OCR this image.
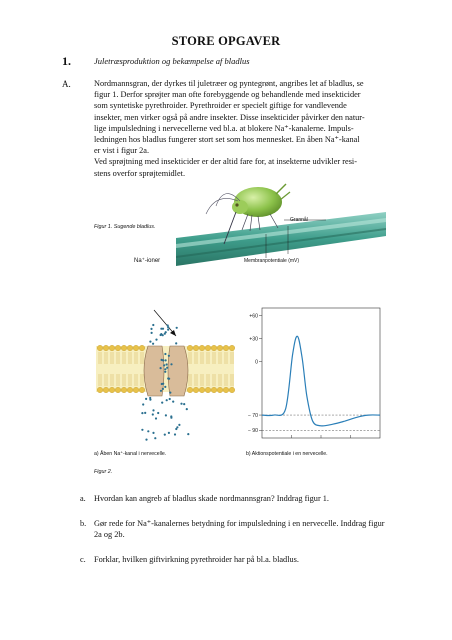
STORE OPGAVER
1.	Juletræsproduktion og bekæmpelse af bladlus
A.	Nordmannsgran, der dyrkes til juletræer og pyntegrønt, angribes let af bladlus, se

figur 1. Derfor sprøjter man ofte forebyggende og behandlende med insekticider

som syntetiske pyrethroider. Pyrethroider er specielt giftige for vandlevende

insekter, men virker også på andre insekter. Disse insekticider påvirker den natur-

lige impulsledning i nervecellerne ved bl.a. at blokere Na⁺-kanalerne. Impuls-

ledningen hos bladlus fungerer stort set som hos mennesket. En åben Na⁺-kanal

er vist i figur 2a.

Ved sprøjtning med insekticider er der altid fare for, at insekterne udvikler resi-

stens overfor sprøjtemidlet.

Figur 1. Sugende bladlus.
Grannål
Na⁺-ioner	Membranpotentiale (mV)
+60
+30
0
− 70
− 90
a) Åben Na⁺-kanal i nervecelle.	b) Aktionspotentiale i en nervecelle.
Figur 2.
a. Hvordan kan angreb af bladlus skade nordmannsgran? Inddrag figur 1.
b. Gør rede for Na⁺-kanalernes betydning for impulsledning i en nervecelle. Inddrag figur 2a og 2b.
c. Forklar, hvilken giftvirkning pyrethroider har på bl.a. bladlus.
